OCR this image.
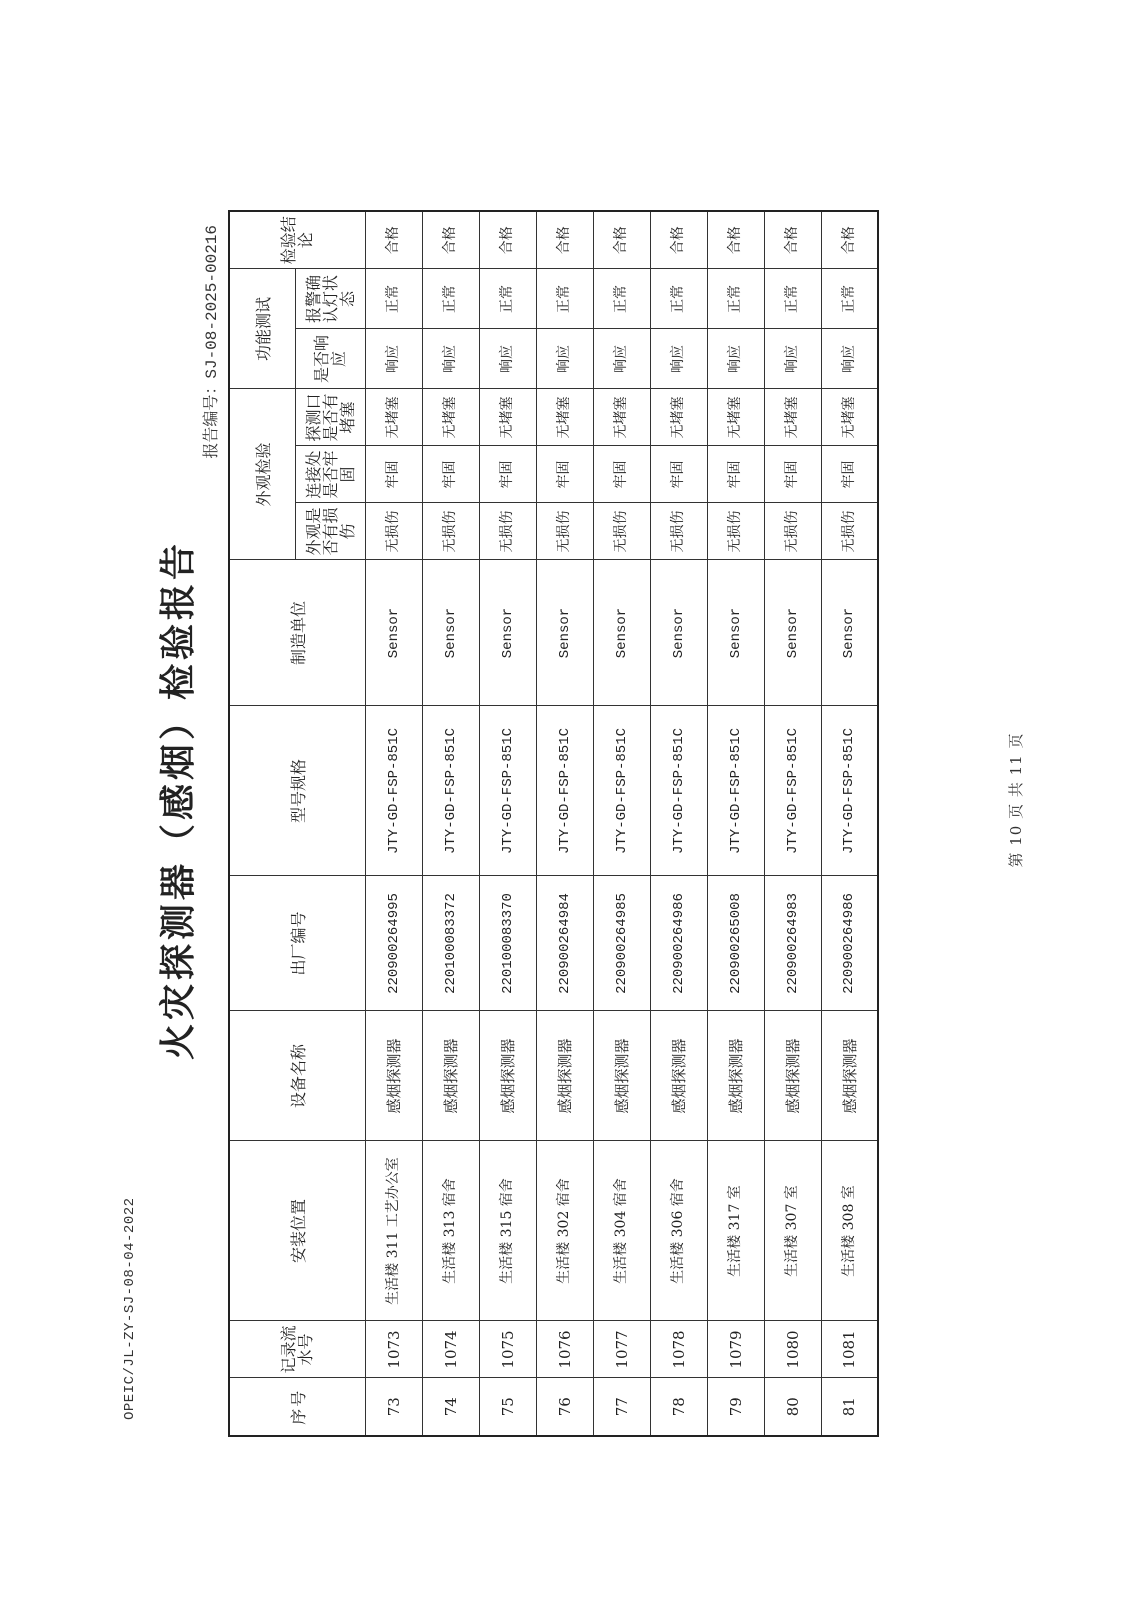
OPEIC/JL-ZY-SJ-08-04-2022
火灾探测器（感烟）检验报告
报告编号：SJ-08-2025-00216
序号	记录流水号	安装位置	设备名称	出厂编号	型号规格	制造单位	外观检验			功能测试		检验结论
							外观是否有损伤	连接处是否牢固	探测口是否有堵塞	是否响应	报警确认灯状态	
73	1073	生活楼 311 工艺办公室	感烟探测器	220900264995	JTY-GD-FSP-851C	Sensor	无损伤	牢固	无堵塞	响应	正常	合格
74	1074	生活楼 313 宿舍	感烟探测器	220100083372	JTY-GD-FSP-851C	Sensor	无损伤	牢固	无堵塞	响应	正常	合格
75	1075	生活楼 315 宿舍	感烟探测器	220100083370	JTY-GD-FSP-851C	Sensor	无损伤	牢固	无堵塞	响应	正常	合格
76	1076	生活楼 302 宿舍	感烟探测器	220900264984	JTY-GD-FSP-851C	Sensor	无损伤	牢固	无堵塞	响应	正常	合格
77	1077	生活楼 304 宿舍	感烟探测器	220900264985	JTY-GD-FSP-851C	Sensor	无损伤	牢固	无堵塞	响应	正常	合格
78	1078	生活楼 306 宿舍	感烟探测器	220900264986	JTY-GD-FSP-851C	Sensor	无损伤	牢固	无堵塞	响应	正常	合格
79	1079	生活楼 317 室	感烟探测器	220900265008	JTY-GD-FSP-851C	Sensor	无损伤	牢固	无堵塞	响应	正常	合格
80	1080	生活楼 307 室	感烟探测器	220900264983	JTY-GD-FSP-851C	Sensor	无损伤	牢固	无堵塞	响应	正常	合格
81	1081	生活楼 308 室	感烟探测器	220900264986	JTY-GD-FSP-851C	Sensor	无损伤	牢固	无堵塞	响应	正常	合格
第 10 页 共 11 页
